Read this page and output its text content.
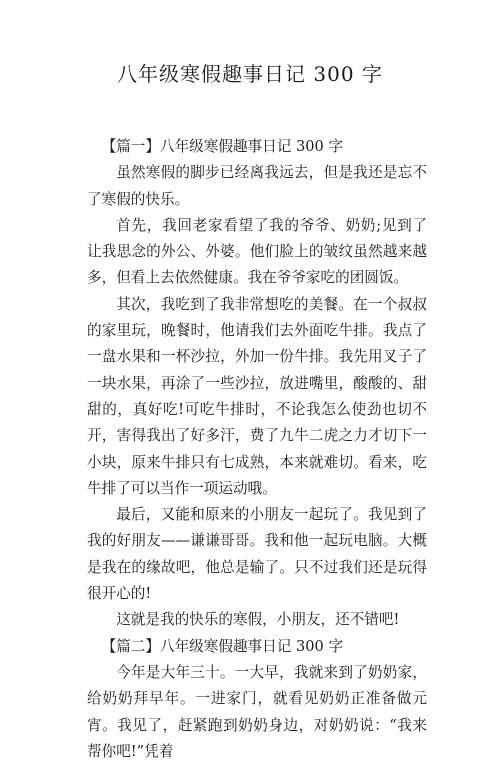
八年级寒假趣事日记 300 字

【篇一】八年级寒假趣事日记 300 字

虽然寒假的脚步已经离我远去，但是我还是忘不了寒假的快乐。

首先，我回老家看望了我的爷爷、奶奶;见到了让我思念的外公、外婆。他们脸上的皱纹虽然越来越多，但看上去依然健康。我在爷爷家吃的团圆饭。

其次，我吃到了我非常想吃的美餐。在一个叔叔的家里玩，晚餐时，他请我们去外面吃牛排。我点了一盘水果和一杯沙拉，外加一份牛排。我先用叉子了一块水果，再涂了一些沙拉，放进嘴里，酸酸的、甜甜的，真好吃!可吃牛排时，不论我怎么使劲也切不开，害得我出了好多汗，费了九牛二虎之力才切下一小块，原来牛排只有七成熟，本来就难切。看来，吃牛排了可以当作一项运动哦。

最后，又能和原来的小朋友一起玩了。我见到了我的好朋友——谦谦哥哥。我和他一起玩电脑。大概是我在的缘故吧，他总是输了。只不过我们还是玩得很开心的!

这就是我的快乐的寒假，小朋友，还不错吧!

【篇二】八年级寒假趣事日记 300 字

今年是大年三十。一大早，我就来到了奶奶家，给奶奶拜早年。一进家门，就看见奶奶正准备做元宵。我见了，赶紧跑到奶奶身边，对奶奶说：“我来帮你吧!”凭着
